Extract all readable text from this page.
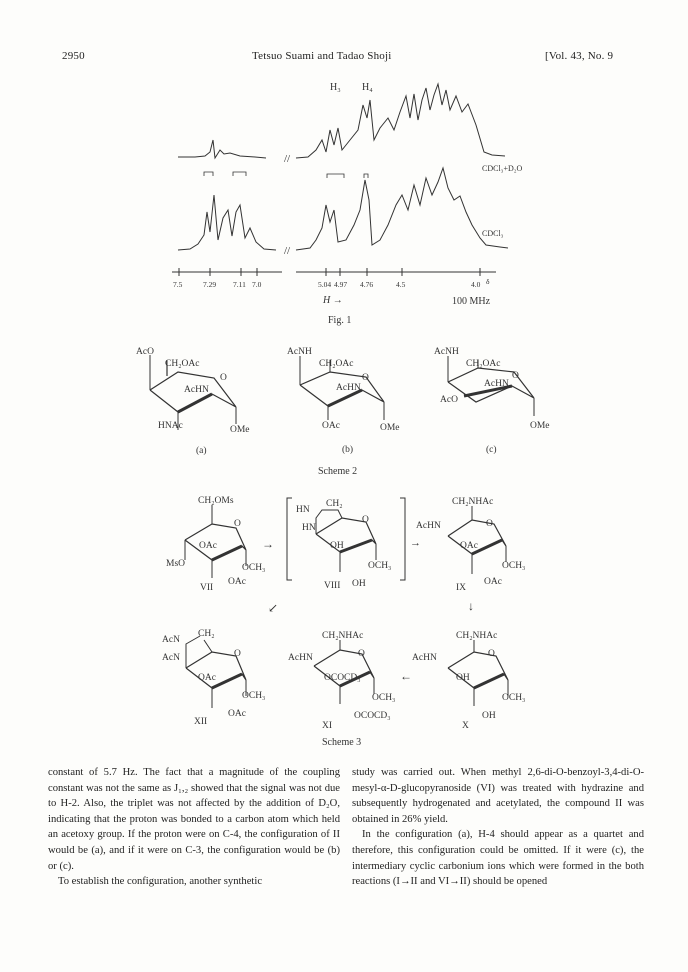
2950	Tetsuo Suami and Tadao Shoji	[Vol. 43, No. 9
H₃ H₄
CDCl₃+D₂O
//
//
CDCl₃
7.5	7.29 7.11 7.0	5.04 4.97 4.76	4.5	4.0 δ
H →	100 MHz
Fig. 1
AcO
CH₂OAc
O
AcHN
HNAc	OMe
(a)
AcNH
CH₂OAc
O
AcHN
OAc	OMe
(b)
AcNH
CH₂OAc
O
AcHN
AcO
OMe
(c)
Scheme 2
CH₂OMs
O
OAc
MsO	OCH₃
OAc
VII
→
HN
CH₂
HN
O
OH
OCH₃
OH
VIII
→
CH₂NHAc
AcHN	O
OAc
OCH₃
OAc
IX
↓
↙
AcN
CH₂
AcN	O
OAc
OCH₃
OAc
XII
CH₂NHAc
AcHN	O
OCOCD₃
OCH₃
OCOCD₃
XI
←
CH₂NHAc
AcHN	O
OH
OCH₃
OH
X
Scheme 3

constant of 5.7 Hz. The fact that a magnitude of the coupling constant was not the same as J₁,₂ showed that the signal was not due to H-2. Also, the triplet was not affected by the addition of D₂O, indicating that the proton was bonded to a carbon atom which held an acetoxy group. If the proton were on C-4, the configuration of II would be (a), and if it were on C-3, the configuration would be (b) or (c).

To establish the configuration, another synthetic

study was carried out. When methyl 2,6-di-O-benzoyl-3,4-di-O-mesyl-α-D-glucopyranoside (VI) was treated with hydrazine and subsequently hydrogenated and acetylated, the compound II was obtained in 26% yield.

In the configuration (a), H-4 should appear as a quartet and therefore, this configuration could be omitted. If it were (c), the intermediary cyclic carbonium ions which were formed in the both reactions (I→II and VI→II) should be opened
